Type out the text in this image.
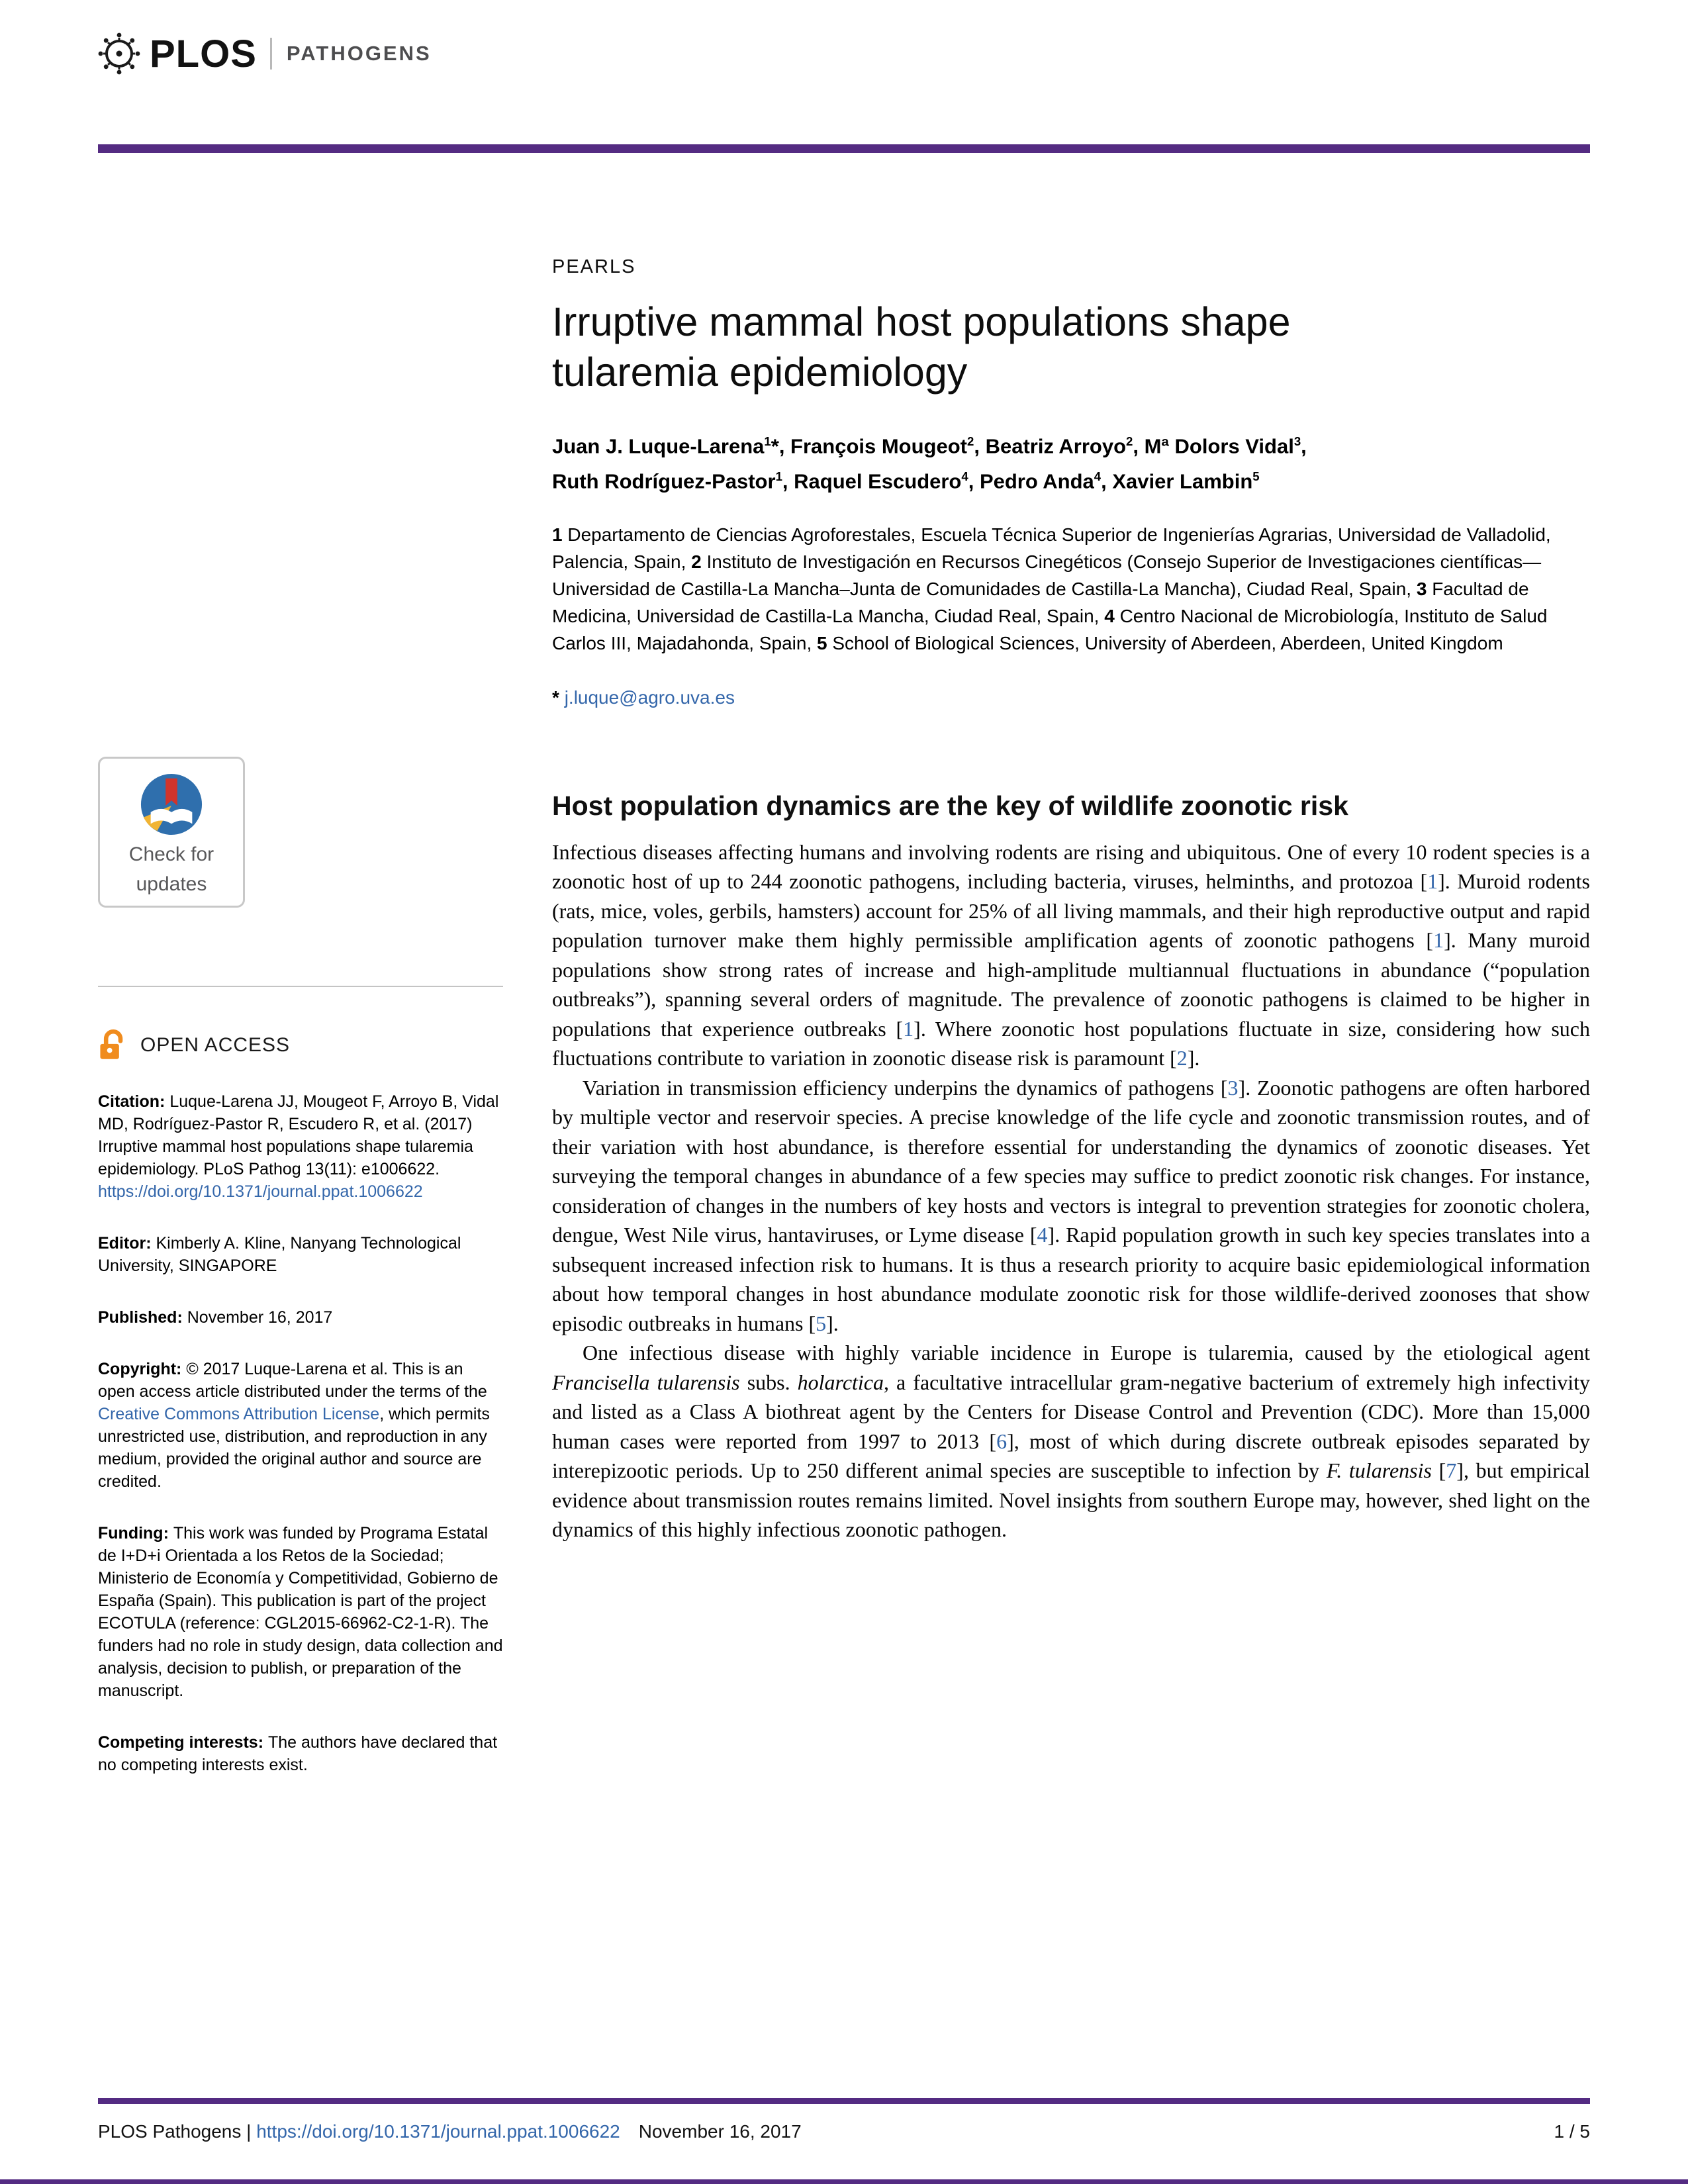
PLOS PATHOGENS
Check for
updates
OPEN ACCESS

Citation: Luque-Larena JJ, Mougeot F, Arroyo B, Vidal MD, Rodríguez-Pastor R, Escudero R, et al. (2017) Irruptive mammal host populations shape tularemia epidemiology. PLoS Pathog 13(11): e1006622. https://doi.org/10.1371/journal.ppat.1006622

Editor: Kimberly A. Kline, Nanyang Technological University, SINGAPORE

Published: November 16, 2017

Copyright: © 2017 Luque-Larena et al. This is an open access article distributed under the terms of the Creative Commons Attribution License, which permits unrestricted use, distribution, and reproduction in any medium, provided the original author and source are credited.

Funding: This work was funded by Programa Estatal de I+D+i Orientada a los Retos de la Sociedad; Ministerio de Economía y Competitividad, Gobierno de España (Spain). This publication is part of the project ECOTULA (reference: CGL2015-66962-C2-1-R). The funders had no role in study design, data collection and analysis, decision to publish, or preparation of the manuscript.

Competing interests: The authors have declared that no competing interests exist.

PEARLS
Irruptive mammal host populations shape
tularemia epidemiology

Juan J. Luque-Larena$^1$*, François Mougeot$^2$, Beatriz Arroyo$^2$, Mª Dolors Vidal$^3$,

Ruth Rodríguez-Pastor$^1$, Raquel Escudero$^4$, Pedro Anda$^4$, Xavier Lambin$^5$

1 Departamento de Ciencias Agroforestales, Escuela Técnica Superior de Ingenierías Agrarias, Universidad de Valladolid, Palencia, Spain, 2 Instituto de Investigación en Recursos Cinegéticos (Consejo Superior de Investigaciones científicas—Universidad de Castilla-La Mancha–Junta de Comunidades de Castilla-La Mancha), Ciudad Real, Spain, 3 Facultad de Medicina, Universidad de Castilla-La Mancha, Ciudad Real, Spain, 4 Centro Nacional de Microbiología, Instituto de Salud Carlos III, Majadahonda, Spain, 5 School of Biological Sciences, University of Aberdeen, Aberdeen, United Kingdom

* j.luque@agro.uva.es

Host population dynamics are the key of wildlife zoonotic risk

Infectious diseases affecting humans and involving rodents are rising and ubiquitous. One of every 10 rodent species is a zoonotic host of up to 244 zoonotic pathogens, including bacteria, viruses, helminths, and protozoa [1]. Muroid rodents (rats, mice, voles, gerbils, hamsters) account for 25% of all living mammals, and their high reproductive output and rapid population turnover make them highly permissible amplification agents of zoonotic pathogens [1]. Many muroid populations show strong rates of increase and high-amplitude multiannual fluctuations in abundance (“population outbreaks”), spanning several orders of magnitude. The prevalence of zoonotic pathogens is claimed to be higher in populations that experience outbreaks [1]. Where zoonotic host populations fluctuate in size, considering how such fluctuations contribute to variation in zoonotic disease risk is paramount [2].

Variation in transmission efficiency underpins the dynamics of pathogens [3]. Zoonotic pathogens are often harbored by multiple vector and reservoir species. A precise knowledge of the life cycle and zoonotic transmission routes, and of their variation with host abundance, is therefore essential for understanding the dynamics of zoonotic diseases. Yet surveying the temporal changes in abundance of a few species may suffice to predict zoonotic risk changes. For instance, consideration of changes in the numbers of key hosts and vectors is integral to prevention strategies for zoonotic cholera, dengue, West Nile virus, hantaviruses, or Lyme disease [4]. Rapid population growth in such key species translates into a subsequent increased infection risk to humans. It is thus a research priority to acquire basic epidemiological information about how temporal changes in host abundance modulate zoonotic risk for those wildlife-derived zoonoses that show episodic outbreaks in humans [5].

One infectious disease with highly variable incidence in Europe is tularemia, caused by the etiological agent Francisella tularensis subs. holarctica, a facultative intracellular gram-negative bacterium of extremely high infectivity and listed as a Class A biothreat agent by the Centers for Disease Control and Prevention (CDC). More than 15,000 human cases were reported from 1997 to 2013 [6], most of which during discrete outbreak episodes separated by interepizootic periods. Up to 250 different animal species are susceptible to infection by F. tularensis [7], but empirical evidence about transmission routes remains limited. Novel insights from southern Europe may, however, shed light on the dynamics of this highly infectious zoonotic pathogen.

PLOS Pathogens | https://doi.org/10.1371/journal.ppat.1006622 November 16, 2017	1 / 5
